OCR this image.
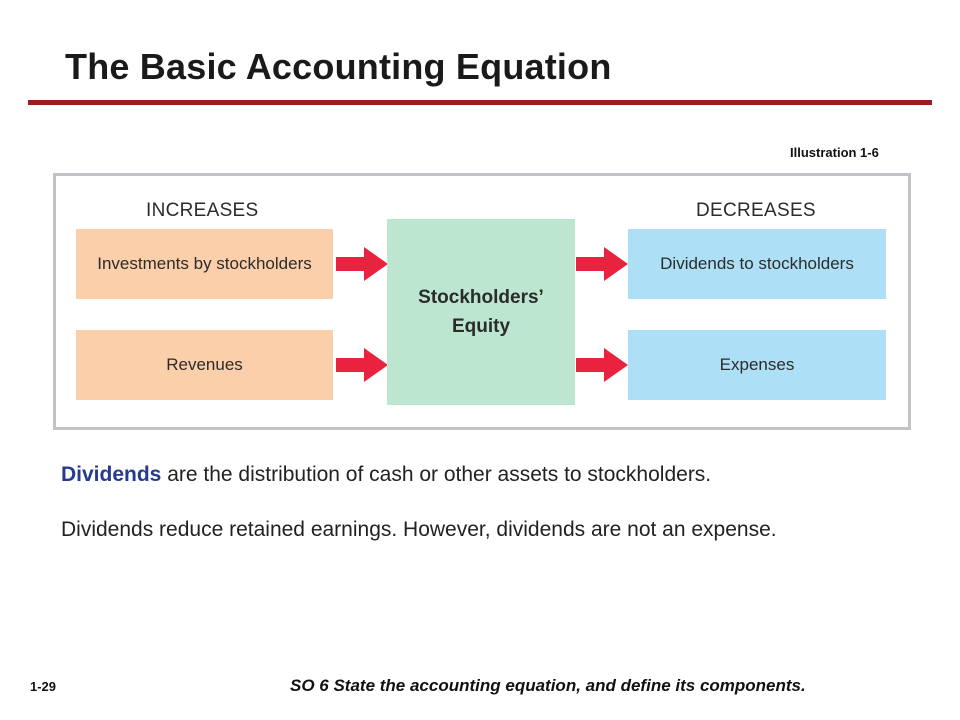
The Basic Accounting Equation
Illustration 1-6
INCREASES	DECREASES
Investments by stockholders
Revenues
Stockholders’
Equity
Dividends to stockholders
Expenses
Dividends are the distribution of cash or other assets to stockholders.
Dividends reduce retained earnings. However, dividends are not an expense.
1-29	SO 6 State the accounting equation, and define its components.
